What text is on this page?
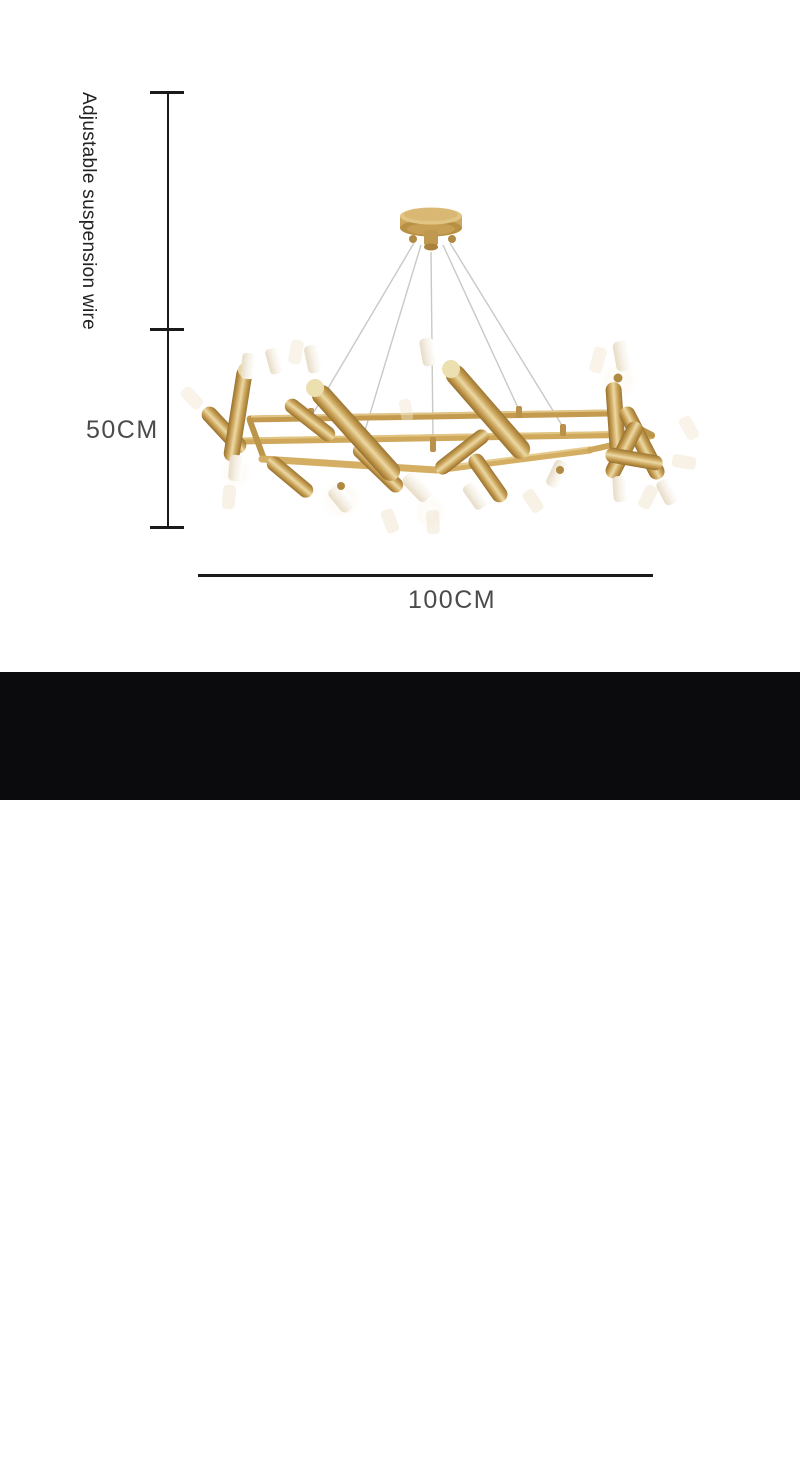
Adjustable suspension wire
50CM
100CM
Area: 15–20m²	Size: D100*H50CM
Material: iron+acrylic	Light source: LED*20*G4
